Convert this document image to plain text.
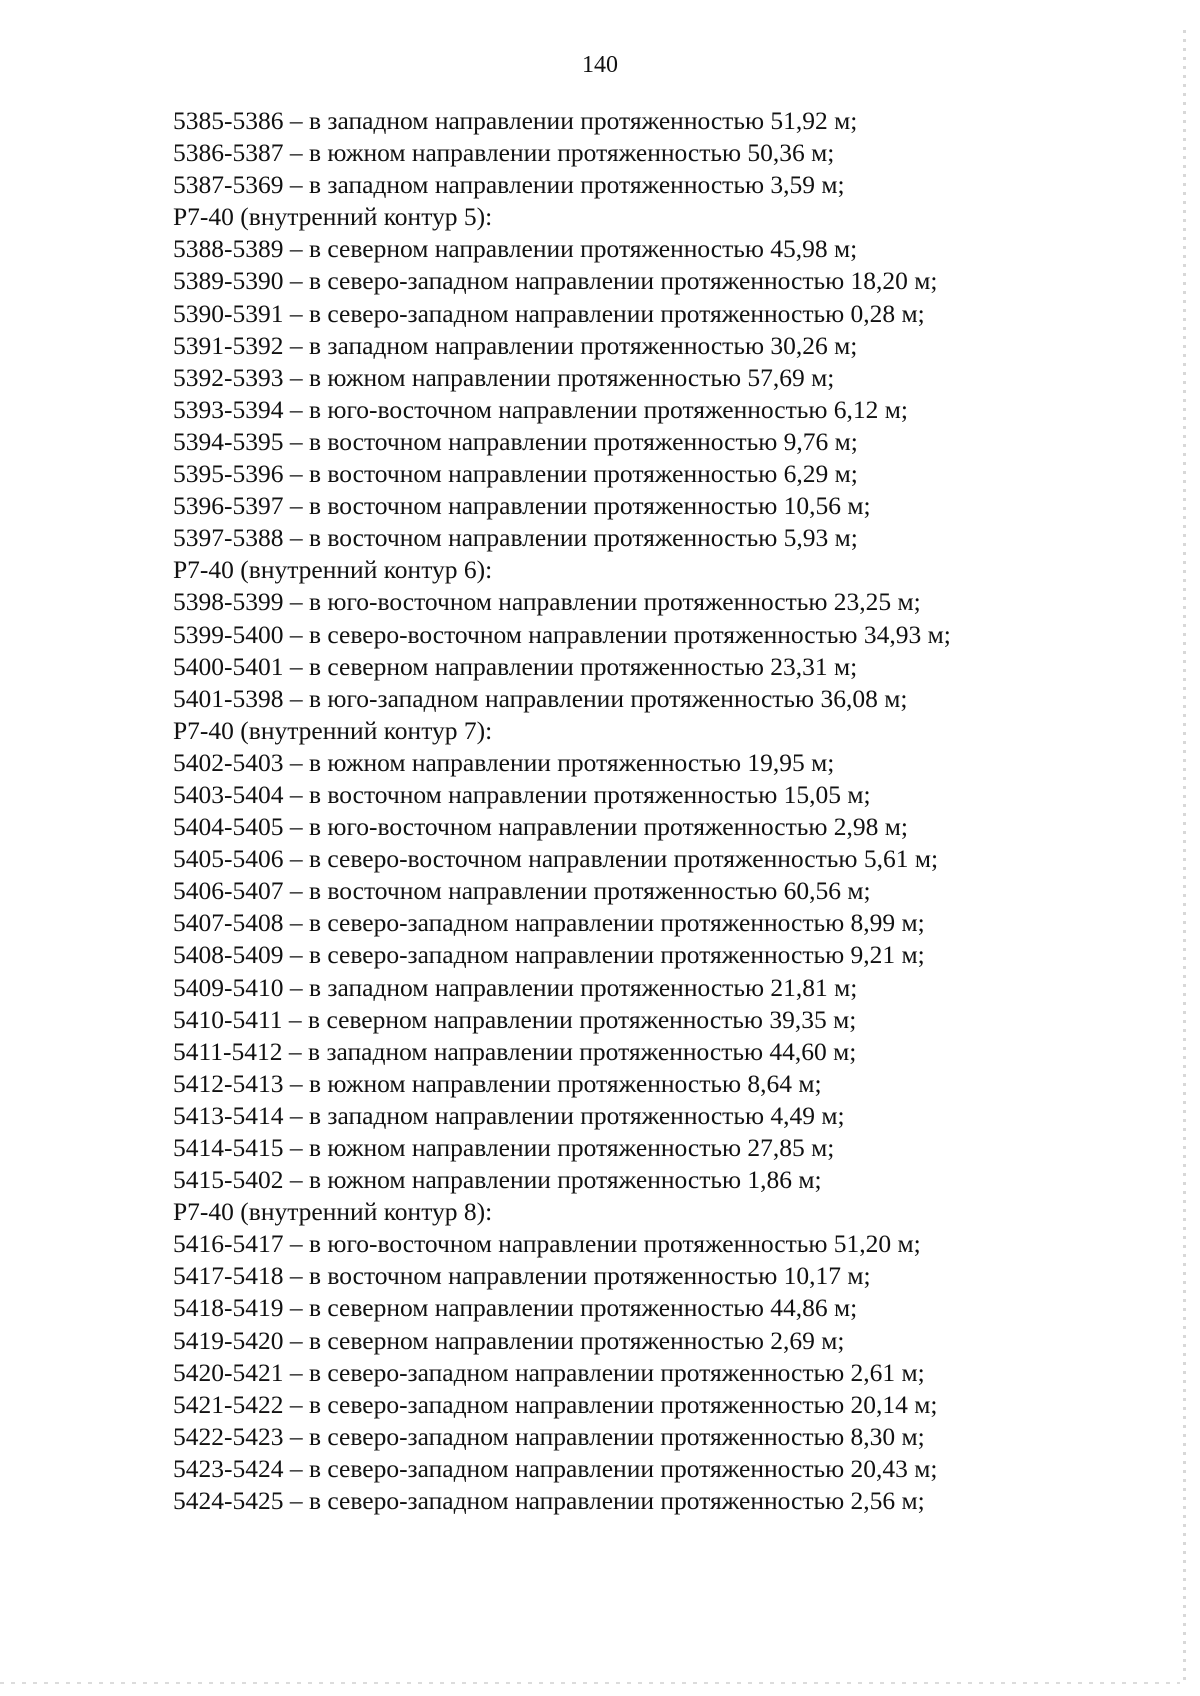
140
5385-5386 – в западном направлении протяженностью 51,92 м;
5386-5387 – в южном направлении протяженностью 50,36 м;
5387-5369 – в западном направлении протяженностью 3,59 м;
Р7-40 (внутренний контур 5):
5388-5389 – в северном направлении протяженностью 45,98 м;
5389-5390 – в северо-западном направлении протяженностью 18,20 м;
5390-5391 – в северо-западном направлении протяженностью 0,28 м;
5391-5392 – в западном направлении протяженностью 30,26 м;
5392-5393 – в южном направлении протяженностью 57,69 м;
5393-5394 – в юго-восточном направлении протяженностью 6,12 м;
5394-5395 – в восточном направлении протяженностью 9,76 м;
5395-5396 – в восточном направлении протяженностью 6,29 м;
5396-5397 – в восточном направлении протяженностью 10,56 м;
5397-5388 – в восточном направлении протяженностью 5,93 м;
Р7-40 (внутренний контур 6):
5398-5399 – в юго-восточном направлении протяженностью 23,25 м;
5399-5400 – в северо-восточном направлении протяженностью 34,93 м;
5400-5401 – в северном направлении протяженностью 23,31 м;
5401-5398 – в юго-западном направлении протяженностью 36,08 м;
Р7-40 (внутренний контур 7):
5402-5403 – в южном направлении протяженностью 19,95 м;
5403-5404 – в восточном направлении протяженностью 15,05 м;
5404-5405 – в юго-восточном направлении протяженностью 2,98 м;
5405-5406 – в северо-восточном направлении протяженностью 5,61 м;
5406-5407 – в восточном направлении протяженностью 60,56 м;
5407-5408 – в северо-западном направлении протяженностью 8,99 м;
5408-5409 – в северо-западном направлении протяженностью 9,21 м;
5409-5410 – в западном направлении протяженностью 21,81 м;
5410-5411 – в северном направлении протяженностью 39,35 м;
5411-5412 – в западном направлении протяженностью 44,60 м;
5412-5413 – в южном направлении протяженностью 8,64 м;
5413-5414 – в западном направлении протяженностью 4,49 м;
5414-5415 – в южном направлении протяженностью 27,85 м;
5415-5402 – в южном направлении протяженностью 1,86 м;
Р7-40 (внутренний контур 8):
5416-5417 – в юго-восточном направлении протяженностью 51,20 м;
5417-5418 – в восточном направлении протяженностью 10,17 м;
5418-5419 – в северном направлении протяженностью 44,86 м;
5419-5420 – в северном направлении протяженностью 2,69 м;
5420-5421 – в северо-западном направлении протяженностью 2,61 м;
5421-5422 – в северо-западном направлении протяженностью 20,14 м;
5422-5423 – в северо-западном направлении протяженностью 8,30 м;
5423-5424 – в северо-западном направлении протяженностью 20,43 м;
5424-5425 – в северо-западном направлении протяженностью 2,56 м;
